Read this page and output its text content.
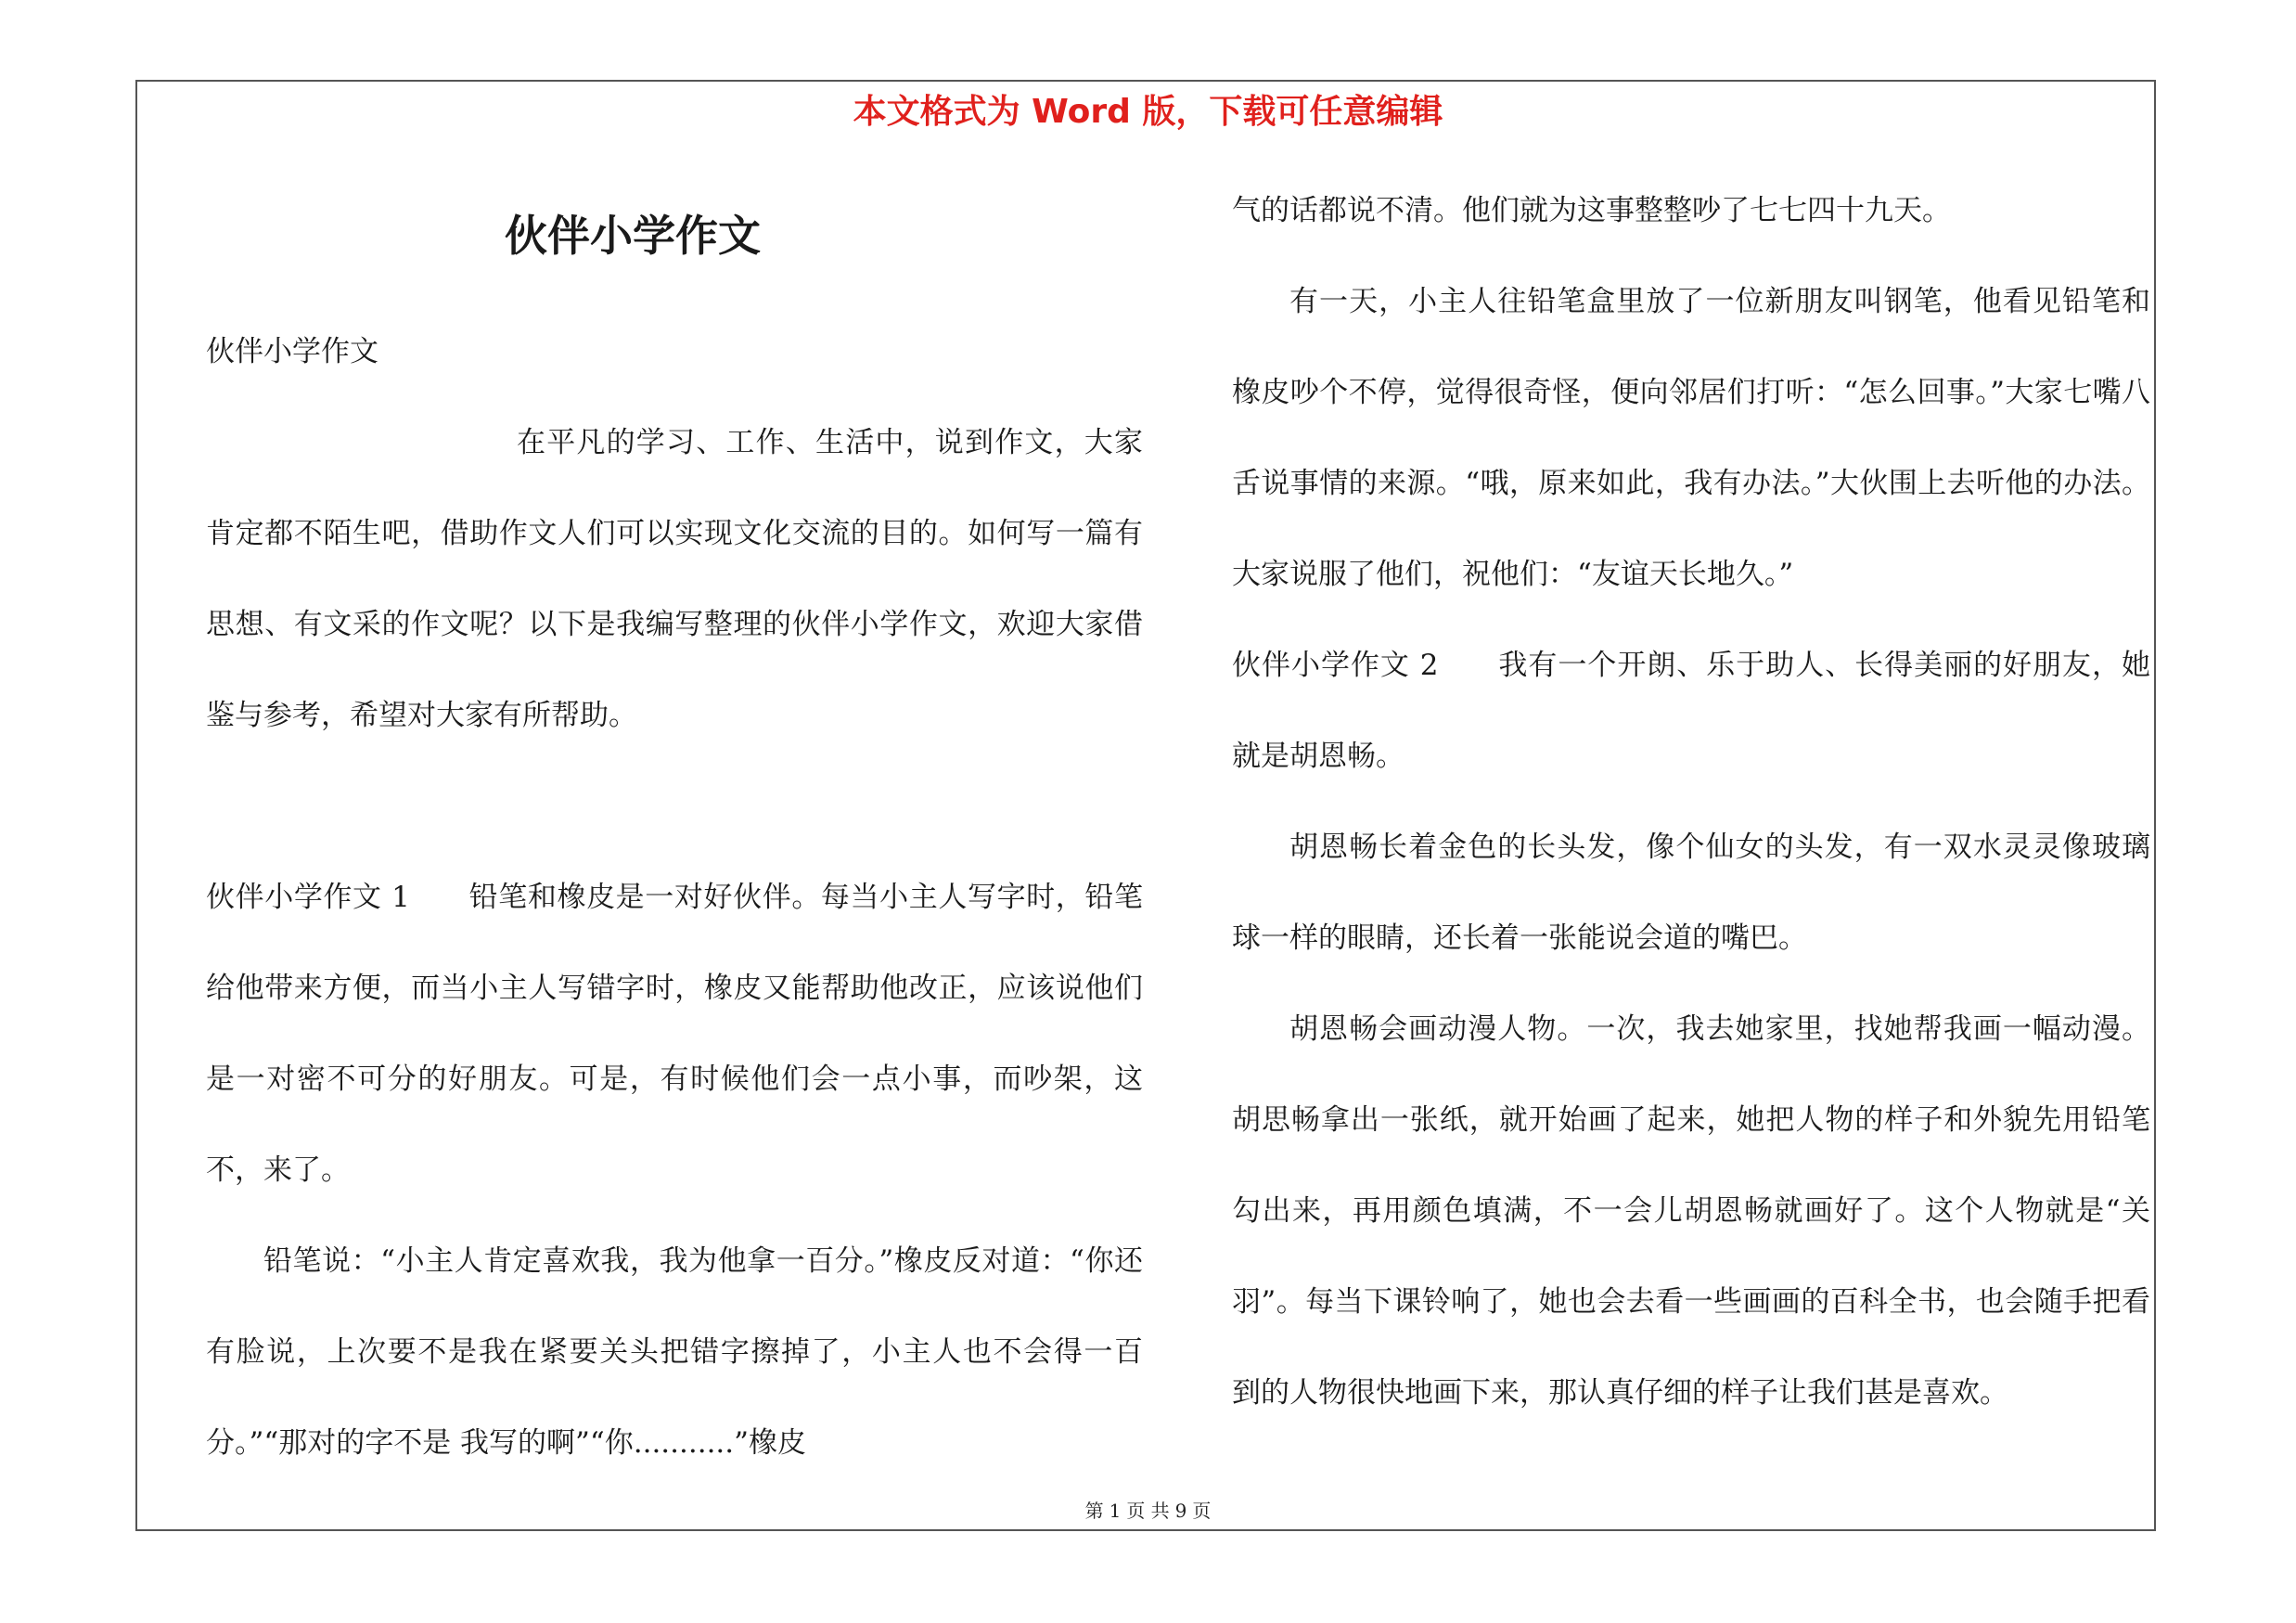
本文格式为 Word 版，下载可任意编辑
伙伴小学作文

伙伴小学作文

在平凡的学习、工作、生活中，说到作文，大家肯定都不陌生吧，借助作文人们可以实现文化交流的目的。如何写一篇有思想、有文采的作文呢？以下是我编写整理的伙伴小学作文，欢迎大家借鉴与参考，希望对大家有所帮助。

伙伴小学作文 1　　铅笔和橡皮是一对好伙伴。每当小主人写字时，铅笔给他带来方便，而当小主人写错字时，橡皮又能帮助他改正，应该说他们是一对密不可分的好朋友。可是，有时候他们会一点小事，而吵架，这不，来了。

铅笔说：“小主人肯定喜欢我，我为他拿一百分。”橡皮反对道：“你还有脸说，上次要不是我在紧要关头把错字擦掉了，小主人也不会得一百分。”“那对的字不是 我写的啊”“你...........”橡皮

气的话都说不清。他们就为这事整整吵了七七四十九天。

有一天，小主人往铅笔盒里放了一位新朋友叫钢笔，他看见铅笔和橡皮吵个不停，觉得很奇怪，便向邻居们打听：“怎么回事。”大家七嘴八舌说事情的来源。“哦，原来如此，我有办法。”大伙围上去听他的办法。大家说服了他们，祝他们：“友谊天长地久。”

伙伴小学作文 2　　我有一个开朗、乐于助人、长得美丽的好朋友，她就是胡恩畅。

胡恩畅长着金色的长头发，像个仙女的头发，有一双水灵灵像玻璃球一样的眼睛，还长着一张能说会道的嘴巴。

胡恩畅会画动漫人物。一次，我去她家里，找她帮我画一幅动漫。胡思畅拿出一张纸，就开始画了起来，她把人物的样子和外貌先用铅笔勾出来，再用颜色填满，不一会儿胡恩畅就画好了。这个人物就是“关羽”。每当下课铃响了，她也会去看一些画画的百科全书，也会随手把看到的人物很快地画下来，那认真仔细的样子让我们甚是喜欢。

第 1 页 共 9 页
